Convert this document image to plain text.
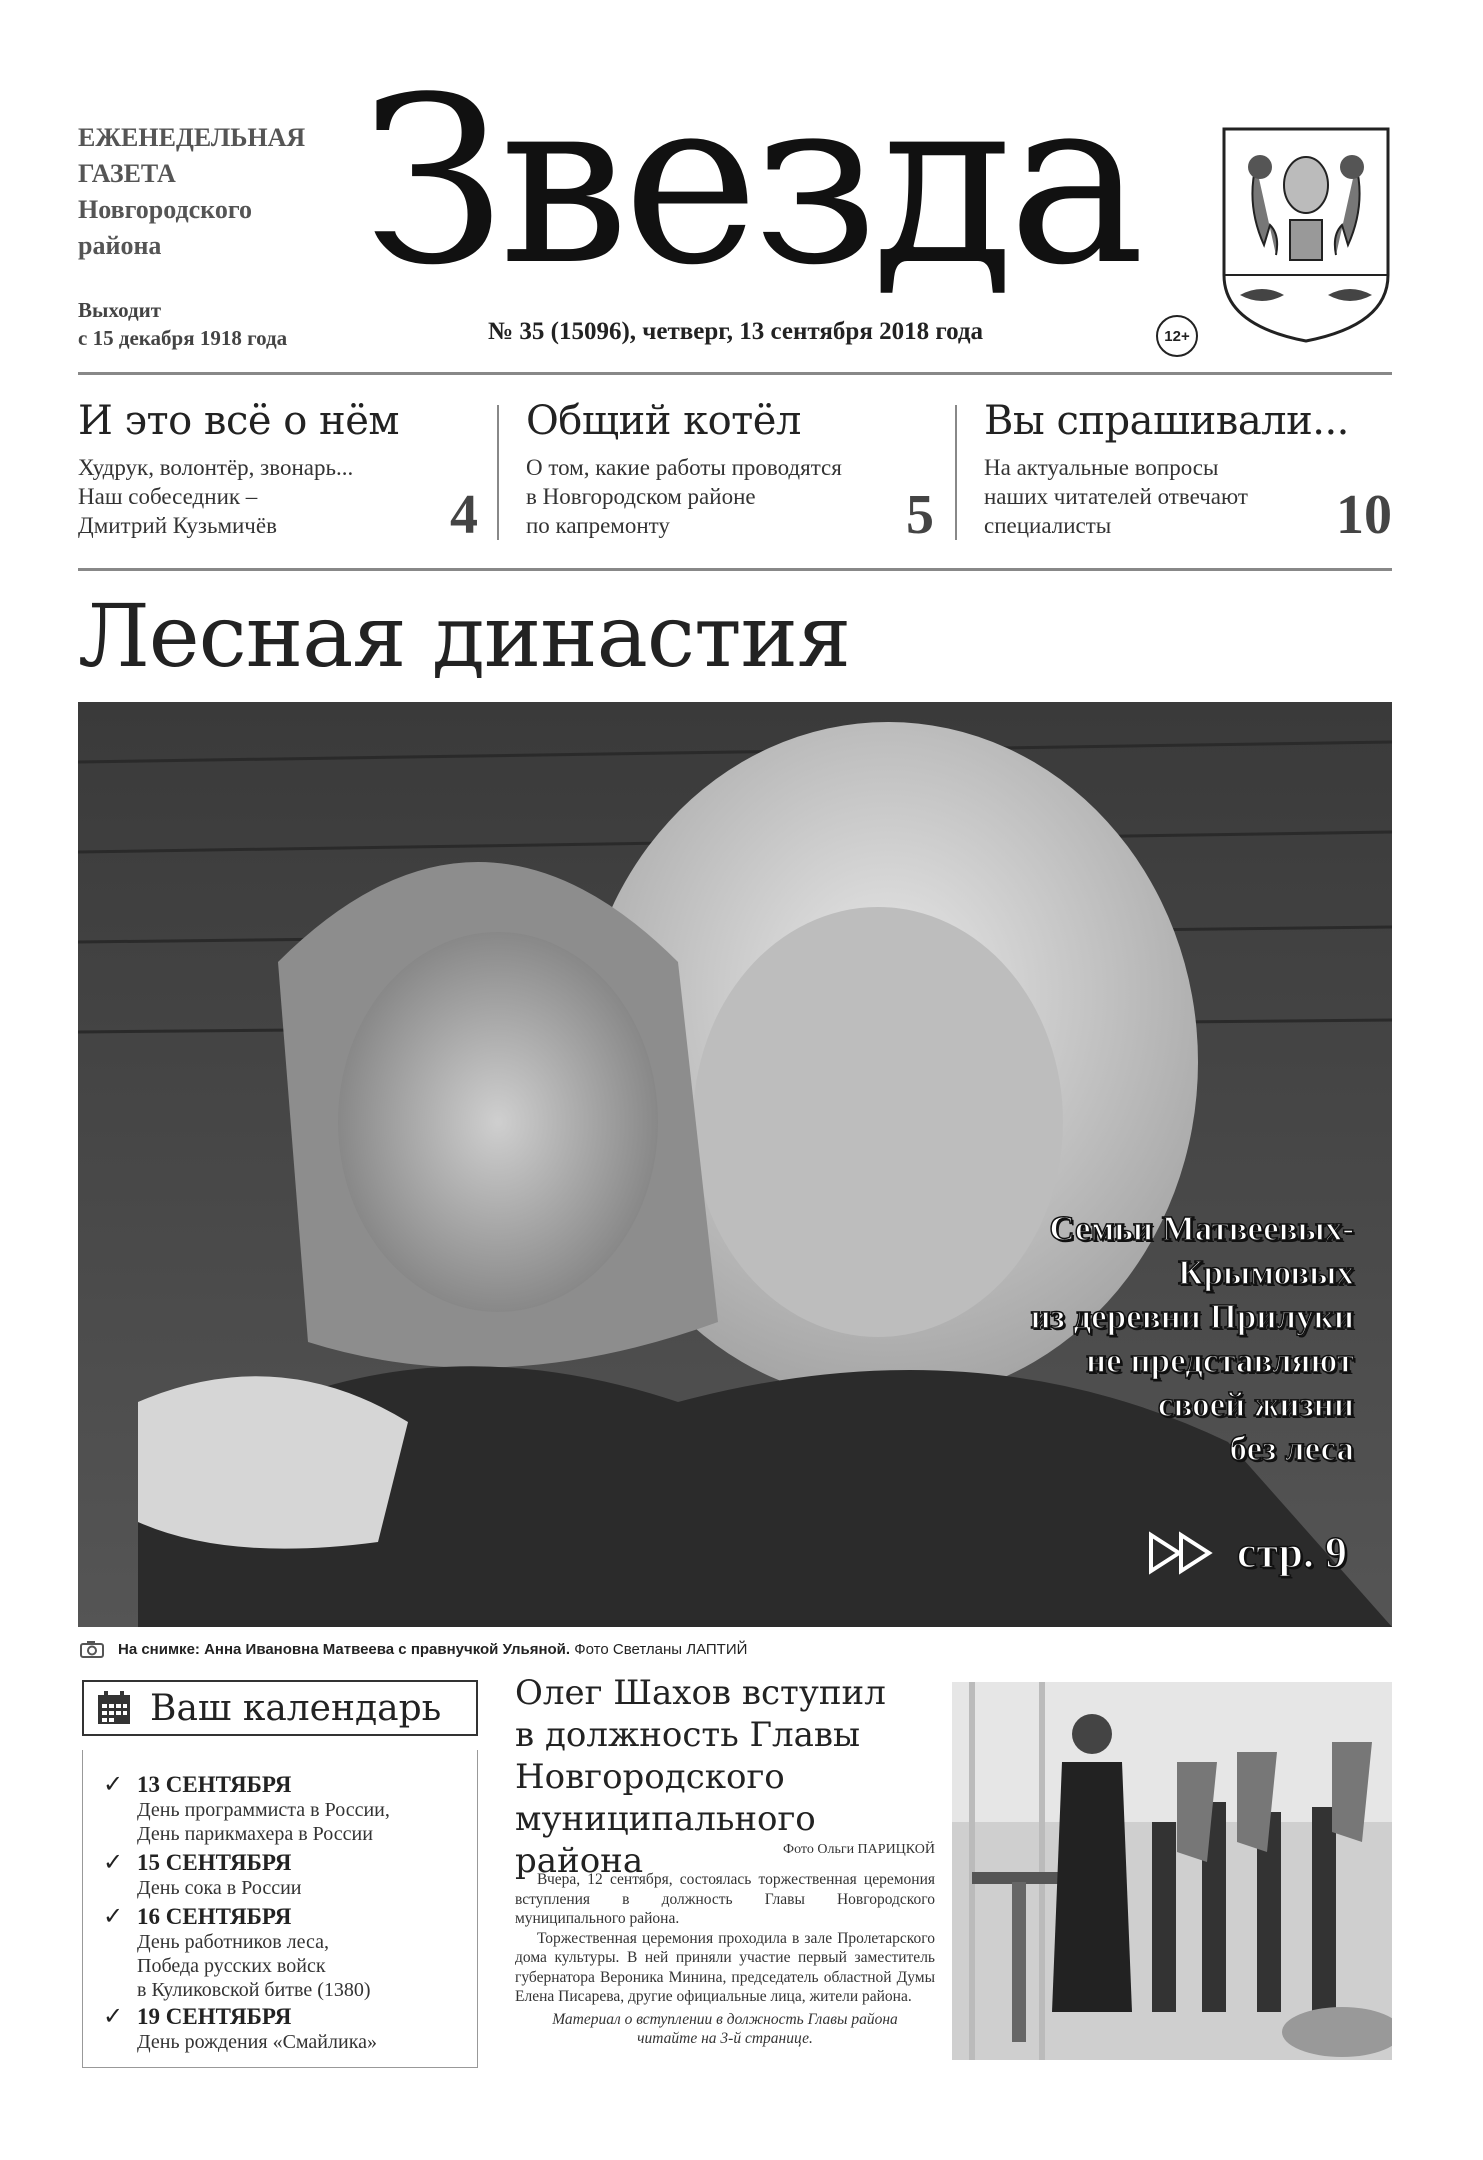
ЕЖЕНЕДЕЛЬНАЯ
ГАЗЕТА
Новгородского
района
Выходит
с 15 декабря 1918 года
Звезда
№ 35 (15096), четверг, 13 сентября 2018 года	12+
И это всё о нём

Худрук, волонтёр, звонарь...
Наш собеседник –
Дмитрий Кузьмичёв	4
Общий котёл

О том, какие работы проводятся
в Новгородском районе
по капремонту	5
Вы спрашивали...

На актуальные вопросы
наших читателей отвечают
специалисты	10
Лесная династия
Семьи Матвеевых-
Крымовых
из деревни Прилуки
не представляют
своей жизни
без леса
стр. 9
На снимке: Анна Ивановна Матвеева с правнучкой Ульяной. Фото Светланы ЛАПТИЙ
Ваш календарь
✓ 13 СЕНТЯБРЯ
День программиста в России,
День парикмахера в России
✓ 15 СЕНТЯБРЯ
День сока в России
✓ 16 СЕНТЯБРЯ
День работников леса,
Победа русских войск
в Куликовской битве (1380)
✓ 19 СЕНТЯБРЯ
День рождения «Смайлика»
Олег Шахов вступил
в должность Главы
Новгородского
муниципального района	Фото Ольги ПАРИЦКОЙ

Вчера, 12 сентября, состоялась торжественная церемония вступления в должность Главы Новгородского муниципального района.

Торжественная церемония проходила в зале Пролетарского дома культуры. В ней приняли участие первый заместитель губернатора Вероника Минина, председатель областной Думы Елена Писарева, другие официальные лица, жители района.

Материал о вступлении в должность Главы района
читайте на 3-й странице.
